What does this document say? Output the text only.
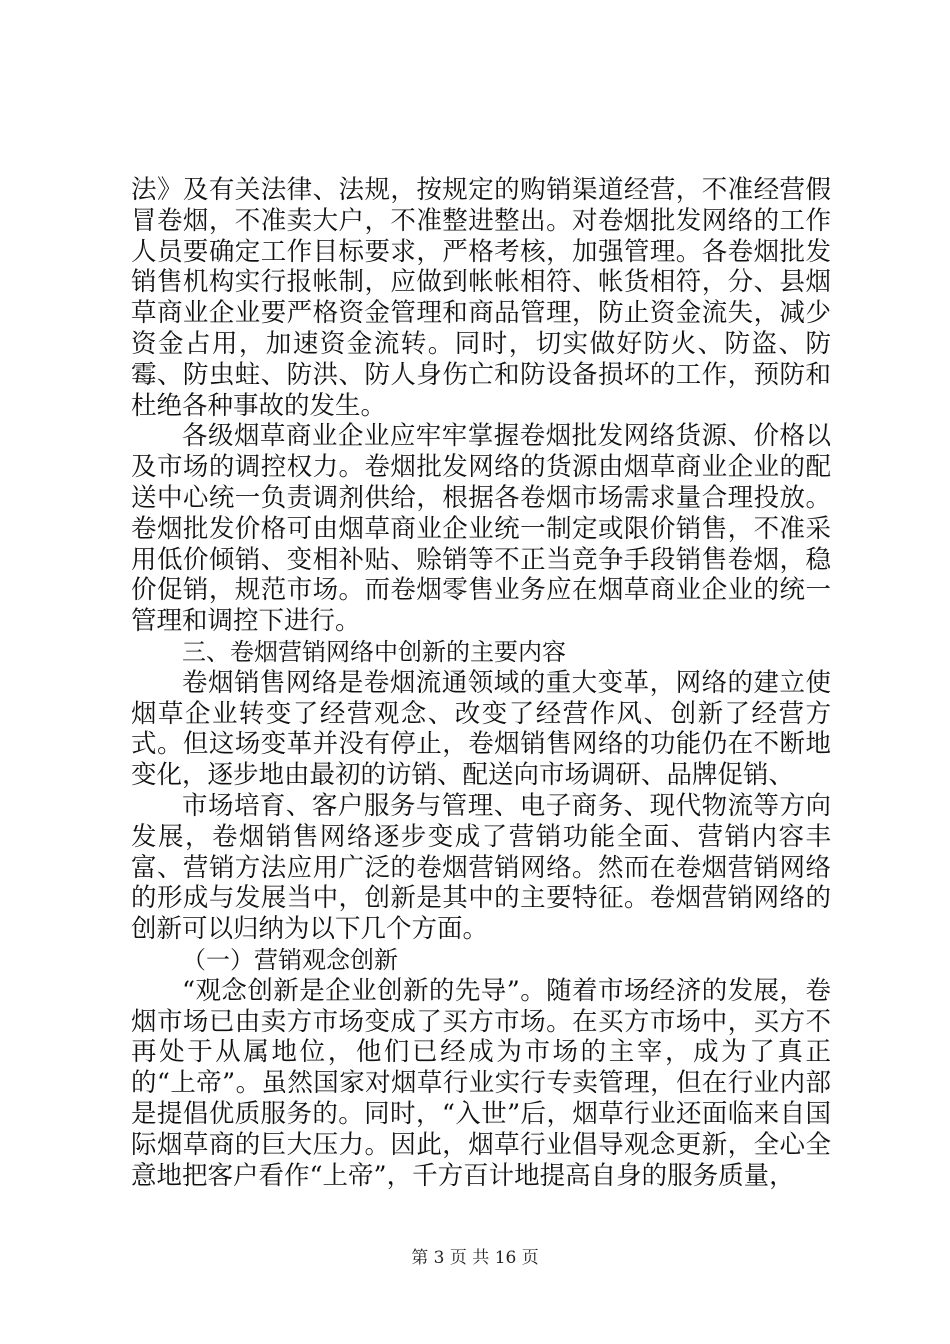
法》及有关法律、法规，按规定的购销渠道经营，不准经营假冒卷烟，不准卖大户，不准整进整出。对卷烟批发网络的工作人员要确定工作目标要求，严格考核，加强管理。各卷烟批发销售机构实行报帐制，应做到帐帐相符、帐货相符，分、县烟草商业企业要严格资金管理和商品管理，防止资金流失，减少资金占用，加速资金流转。同时，切实做好防火、防盗、防霉、防虫蛀、防洪、防人身伤亡和防设备损坏的工作，预防和杜绝各种事故的发生。

各级烟草商业企业应牢牢掌握卷烟批发网络货源、价格以及市场的调控权力。卷烟批发网络的货源由烟草商业企业的配送中心统一负责调剂供给，根据各卷烟市场需求量合理投放。卷烟批发价格可由烟草商业企业统一制定或限价销售，不准采用低价倾销、变相补贴、赊销等不正当竞争手段销售卷烟，稳价促销，规范市场。而卷烟零售业务应在烟草商业企业的统一管理和调控下进行。

三、卷烟营销网络中创新的主要内容

卷烟销售网络是卷烟流通领域的重大变革，网络的建立使烟草企业转变了经营观念、改变了经营作风、创新了经营方式。但这场变革并没有停止，卷烟销售网络的功能仍在不断地变化，逐步地由最初的访销、配送向市场调研、品牌促销、

市场培育、客户服务与管理、电子商务、现代物流等方向发展，卷烟销售网络逐步变成了营销功能全面、营销内容丰富、营销方法应用广泛的卷烟营销网络。然而在卷烟营销网络的形成与发展当中，创新是其中的主要特征。卷烟营销网络的创新可以归纳为以下几个方面。

（一）营销观念创新

“观念创新是企业创新的先导”。随着市场经济的发展，卷烟市场已由卖方市场变成了买方市场。在买方市场中，买方不再处于从属地位，他们已经成为市场的主宰，成为了真正的“上帝”。虽然国家对烟草行业实行专卖管理，但在行业内部是提倡优质服务的。同时，“入世”后，烟草行业还面临来自国际烟草商的巨大压力。因此，烟草行业倡导观念更新，全心全意地把客户看作“上帝”，千方百计地提高自身的服务质量，

第 3 页 共 16 页
